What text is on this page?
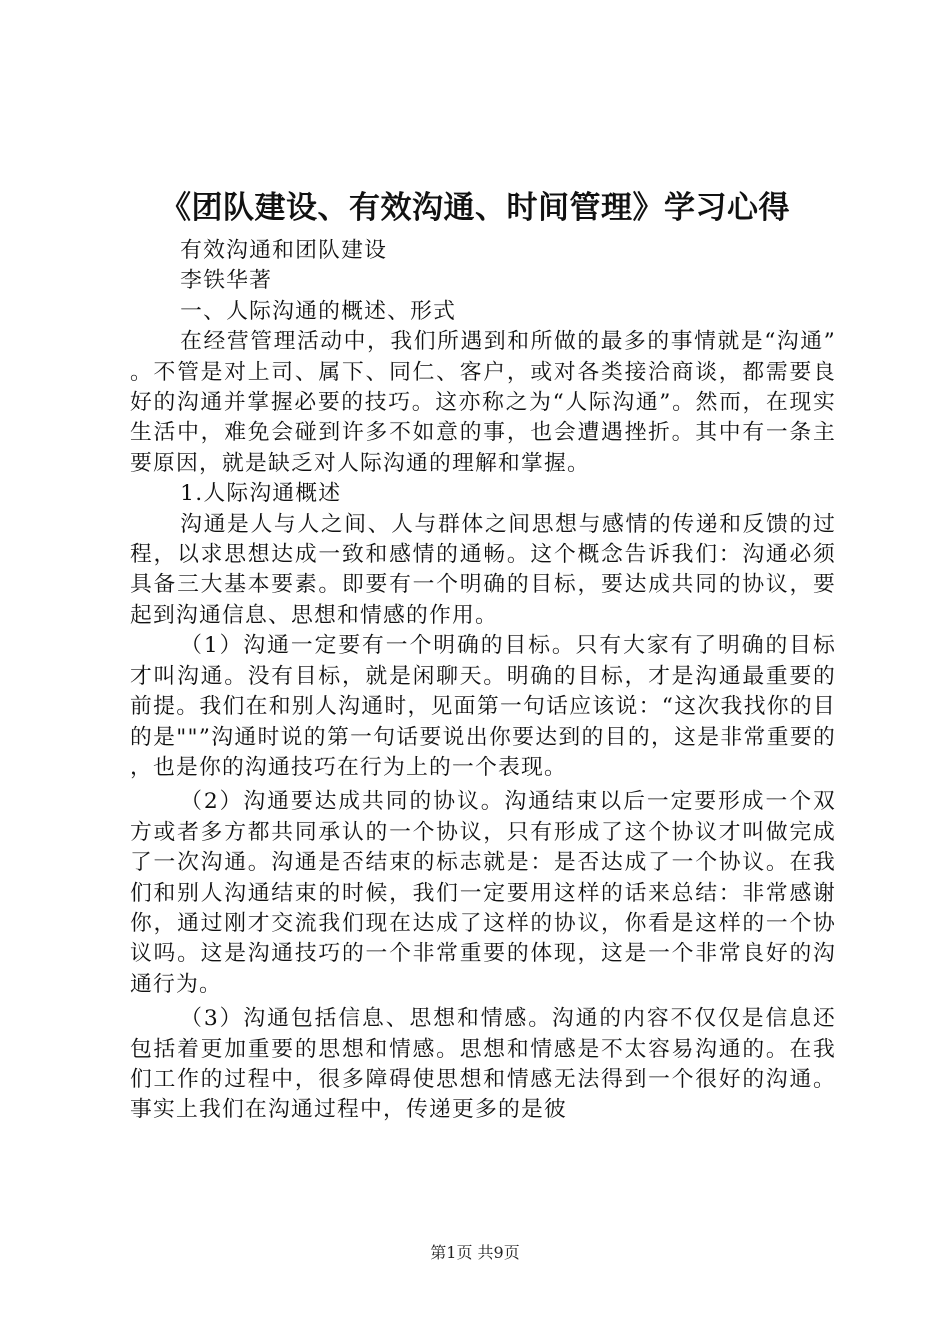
《团队建设、有效沟通、时间管理》学习心得

有效沟通和团队建设

李铁华著

一、人际沟通的概述、形式

在经营管理活动中，我们所遇到和所做的最多的事情就是“沟通”。不管是对上司、属下、同仁、客户，或对各类接洽商谈，都需要良好的沟通并掌握必要的技巧。这亦称之为“人际沟通”。然而，在现实生活中，难免会碰到许多不如意的事，也会遭遇挫折。其中有一条主要原因，就是缺乏对人际沟通的理解和掌握。

1.人际沟通概述

沟通是人与人之间、人与群体之间思想与感情的传递和反馈的过程，以求思想达成一致和感情的通畅。这个概念告诉我们：沟通必须具备三大基本要素。即要有一个明确的目标，要达成共同的协议，要起到沟通信息、思想和情感的作用。

（1）沟通一定要有一个明确的目标。只有大家有了明确的目标才叫沟通。没有目标，就是闲聊天。明确的目标，才是沟通最重要的前提。我们在和别人沟通时，见面第一句话应该说：“这次我找你的目的是""”沟通时说的第一句话要说出你要达到的目的，这是非常重要的，也是你的沟通技巧在行为上的一个表现。

（2）沟通要达成共同的协议。沟通结束以后一定要形成一个双方或者多方都共同承认的一个协议，只有形成了这个协议才叫做完成了一次沟通。沟通是否结束的标志就是：是否达成了一个协议。在我们和别人沟通结束的时候，我们一定要用这样的话来总结：非常感谢你，通过刚才交流我们现在达成了这样的协议，你看是这样的一个协议吗。这是沟通技巧的一个非常重要的体现，这是一个非常良好的沟通行为。

（3）沟通包括信息、思想和情感。沟通的内容不仅仅是信息还包括着更加重要的思想和情感。思想和情感是不太容易沟通的。在我们工作的过程中，很多障碍使思想和情感无法得到一个很好的沟通。事实上我们在沟通过程中，传递更多的是彼

第1页 共9页
